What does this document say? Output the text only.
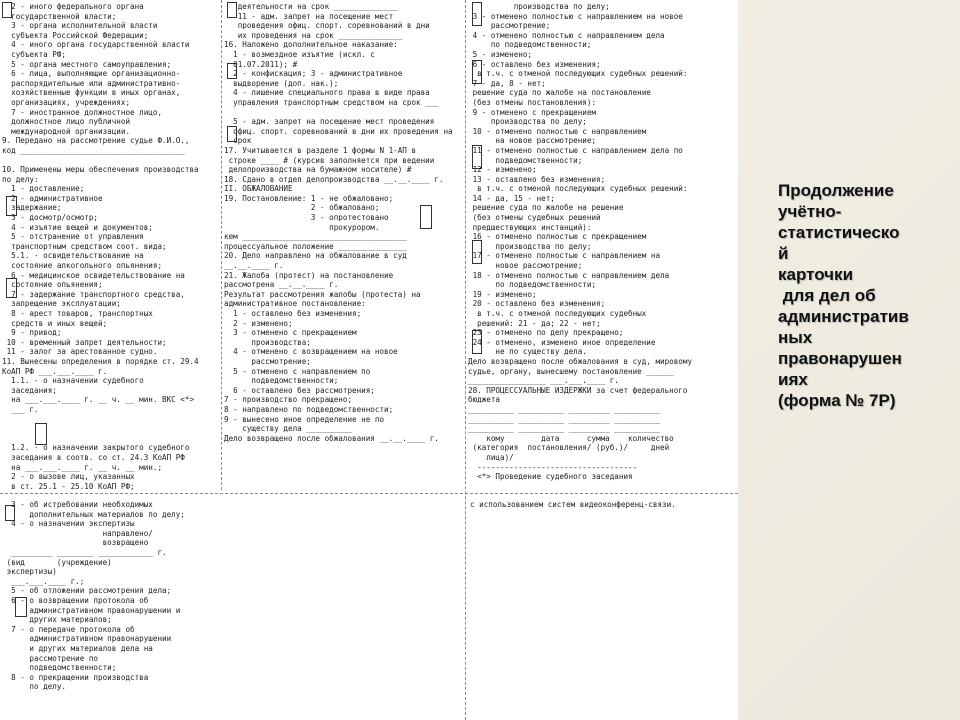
2 - иного федерального органа
государственной власти;
3 - органа исполнительной власти
субъекта Российской Федерации;
4 - иного органа государственной власти
субъекта РФ;
5 - органа местного самоуправления;
6 - лица, выполняющие организационно-
распорядительные или административно-
хозяйственные функции в иных органах,
организациях, учреждениях;
7 - иностранное должностное лицо,
должностное лицо публичной
международной организации.
9. Передано на рассмотрение судье Ф.И.О.,
код ____________________________________

10. Применены меры обеспечения производства
по делу:
1 - доставление;
2 - административное
задержание;
3 - досмотр/осмотр;
4 - изъятие вещей и документов;
5 - отстранение от управления
транспортным средством соот. вида;
5.1. - освидетельствование на
состояние алкогольного опьянения;
6 - медицинское освидетельствование на
состояние опьянения;
7 - задержание транспортного средства,
запрещение эксплуатации;
8 - арест товаров, транспортных
средств и иных вещей;
9 - привод;
10 - временный запрет деятельности;
11 - залог за арестованное судно.
11. Вынесены определения в порядке ст. 29.4
КоАП РФ ___.___.____ г.
1.1. - о назначении судебного
заседания;
на ___.___.____ г. __ ч. __ мин. ВКС <*>
___ г.

1.2. - о назначении закрытого судебного
заседания в соотв. со ст. 24.3 КоАП РФ
на ___.___.____ г. __ ч. __ мин.;
2 - о вызове лиц, указанных
в ст. 25.1 - 25.10 КоАП РФ;
деятельности на срок ______________
11 - адм. запрет на посещение мест
проведения офиц. спорт. соревнований в дни
их проведения на срок ______________
16. Наложено дополнительное наказание:
1 - возмездное изъятие (искл. с
01.07.2011); #
2 - конфискация; 3 - административное
выдворение (доп. нак.);
4 - лишение специального права в виде права
управления транспортным средством на срок ___

5 - адм. запрет на посещение мест проведения
офиц. спорт. соревнований в дни их проведения на
срок
17. Учитывается в разделе 1 формы N 1-АП в
строке ____ # (курсив заполняется при ведении
делопроизводства на бумажном носителе) #
18. Сдано в отдел делопроизводства __.__.____ г.
II. ОБЖАЛОВАНИЕ
19. Постановление: 1 - не обжаловано;
2 - обжаловано;
3 - опротестовано
прокурором.
кем ____________________________________
процессуальное положение _______________
20. Дело направлено на обжалование в суд
__.__.____ г.
21. Жалоба (протест) на постановление
рассмотрена __.__.____ г.
Результат рассмотрения жалобы (протеста) на
административное постановление:
1 - оставлено без изменения;
2 - изменено;
3 - отменено с прекращением
производства;
4 - отменено с возвращением на новое
рассмотрение;
5 - отменено с направлением по
подведомственности;
6 - оставлено без рассмотрения;
7 - производство прекращено;
8 - направлено по подведомственности;
9 - вынесено иное определение не по
существу дела __________
Дело возвращено после обжалования __.__.____ г.
производства по делу;
3 - отменено полностью с направлением на новое
рассмотрение;
4 - отменено полностью с направлением дела
по подведомственности;
5 - изменено;
6 - оставлено без изменения;
в т.ч. с отменой последующих судебных решений:
7 - да, 8 - нет;
решение суда по жалобе на постановление
(без отмены постановления):
9 - отменено с прекращением
производства по делу;
10 - отменено полностью с направлением
на новое рассмотрение;
11 - отменено полностью с направлением дела по
подведомственности;
12 - изменено;
13 - оставлено без изменения;
в т.ч. с отменой последующих судебных решений:
14 - да, 15 - нет;
решение суда по жалобе на решение
(без отмены судебных решений
предшествующих инстанций):
16 - отменено полностью с прекращением
производства по делу;
17 - отменено полностью с направлением на
новое рассмотрение;
18 - отменено полностью с направлением дела
по подведомственности;
19 - изменено;
20 - оставлено без изменения;
в т.ч. с отменой последующих судебных
решений: 21 - да; 22 - нет;
23 - отменено по делу прекращено;
24 - отменено, изменено иное определение
не по существу дела.
Дело возвращено после обжалования в суд, мировому
судье, органу, вынесшему постановление ______
_________________ ___.___.____ г.
28. ПРОЦЕССУАЛЬНЫЕ ИЗДЕРЖКИ за счет федерального
бюджета
__________ __________ _________ __________
__________ __________ _________ __________
__________ __________ _________ __________
кому        дата      сумма    количество
(категория  постановления/ (руб.)/     дней
лица)/
-----------------------------------
<*> Проведение судебного заседания
3 - об истребовании необходимых
дополнительных материалов по делу;
4 - о назначении экспертизы
направлено/
возвращено
_________ ________ ____________ г.
(вид       (учреждение)
экспертизы)
___.___.____ г.;
5 - об отложении рассмотрения дела;
6 - о возвращении протокола об
административном правонарушении и
других материалов;
7 - о передаче протокола об
административном правонарушении
и других материалов дела на
рассмотрение по
подведомственности;
8 - о прекращении производства
по делу.
с использованием систем видеоконференц-связи.
Продолжение
учётно-
статистическо
й
карточки
для дел об
административ
ных
правонарушен
иях
(форма № 7Р)
